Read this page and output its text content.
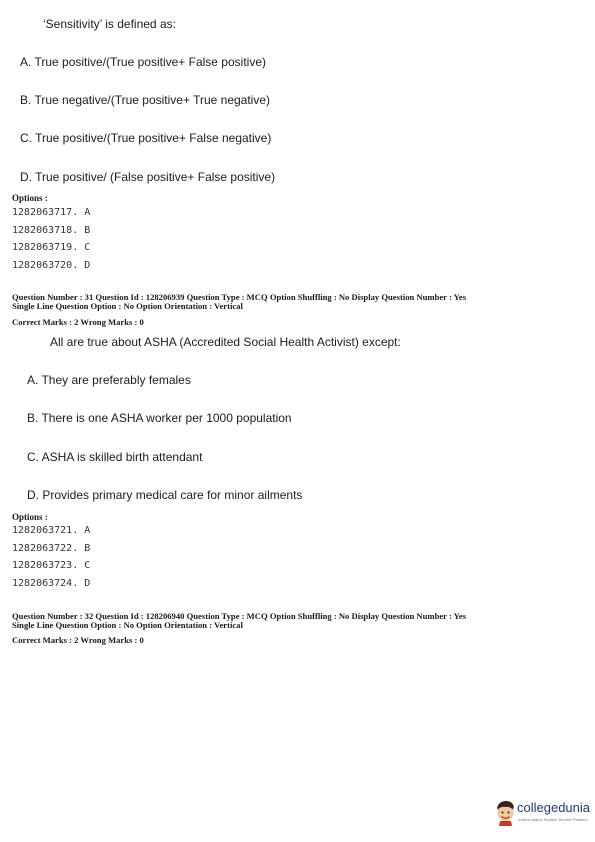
‘Sensitivity’ is defined as:
A. True positive/(True positive+ False positive)
B. True negative/(True positive+ True negative)
C. True positive/(True positive+ False negative)
D. True positive/ (False positive+ False positive)
Options :
1282063717. A
1282063718. B
1282063719. C
1282063720. D
Question Number : 31 Question Id : 128206939 Question Type : MCQ Option Shuffling : No Display Question Number : Yes
Single Line Question Option : No Option Orientation : Vertical
Correct Marks : 2 Wrong Marks : 0
All are true about ASHA (Accredited Social Health Activist) except:
A. They are preferably females
B. There is one ASHA worker per 1000 population
C. ASHA is skilled birth attendant
D. Provides primary medical care for minor ailments
Options :
1282063721. A
1282063722. B
1282063723. C
1282063724. D
Question Number : 32 Question Id : 128206940 Question Type : MCQ Option Shuffling : No Display Question Number : Yes
Single Line Question Option : No Option Orientation : Vertical
Correct Marks : 2 Wrong Marks : 0
collegedunia
India's largest Student Review Platform
